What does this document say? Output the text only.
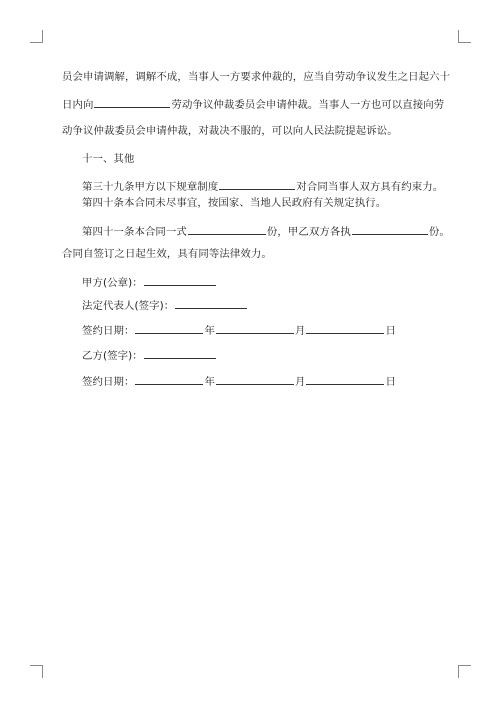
员会申请调解，调解不成，当事人一方要求仲裁的，应当自劳动争议发生之日起六十
日内向	劳动争议仲裁委员会申请仲裁。当事人一方也可以直接向劳
动争议仲裁委员会申请仲裁，对裁决不服的，可以向人民法院提起诉讼。
十一、其他
第三十九条甲方以下规章制度	对合同当事人双方具有约束力。
第四十条本合同未尽事宜，按国家、当地人民政府有关规定执行。
第四十一条本合同一式	份，甲乙双方各执	份。
合同自签订之日起生效，具有同等法律效力。
甲方(公章)：
法定代表人(签字)：
签约日期：	年	月	日
乙方(签字)：
签约日期：	年	月	日
